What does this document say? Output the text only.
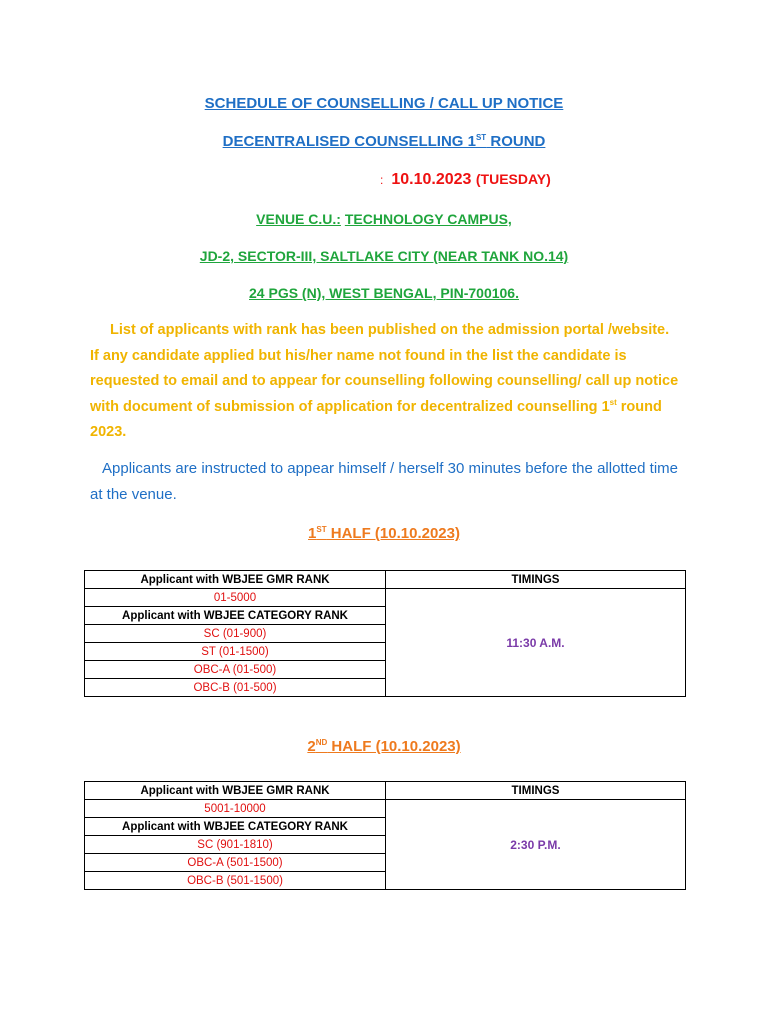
SCHEDULE OF COUNSELLING / CALL UP NOTICE
DECENTRALISED COUNSELLING 1ST ROUND
: 10.10.2023 (TUESDAY)
VENUE C.U.: TECHNOLOGY CAMPUS,
JD-2, SECTOR-III, SALTLAKE CITY (NEAR TANK NO.14)
24 PGS (N), WEST BENGAL, PIN-700106.
List of applicants with rank has been published on the admission portal /website. If any candidate applied but his/her name not found in the list the candidate is requested to email and to appear for counselling following counselling/ call up notice with document of submission of application for decentralized counselling 1st round 2023.
Applicants are instructed to appear himself / herself 30 minutes before the allotted time at the venue.
1ST HALF (10.10.2023)
Applicant with WBJEE GMR RANK	TIMINGS
01-5000	11:30 A.M.
Applicant with WBJEE CATEGORY RANK	
SC (01-900)	
ST (01-1500)	
OBC-A (01-500)	
OBC-B (01-500)	
2ND HALF (10.10.2023)
Applicant with WBJEE GMR RANK	TIMINGS
5001-10000	2:30 P.M.
Applicant with WBJEE CATEGORY RANK	
SC (901-1810)	
OBC-A (501-1500)	
OBC-B (501-1500)	
